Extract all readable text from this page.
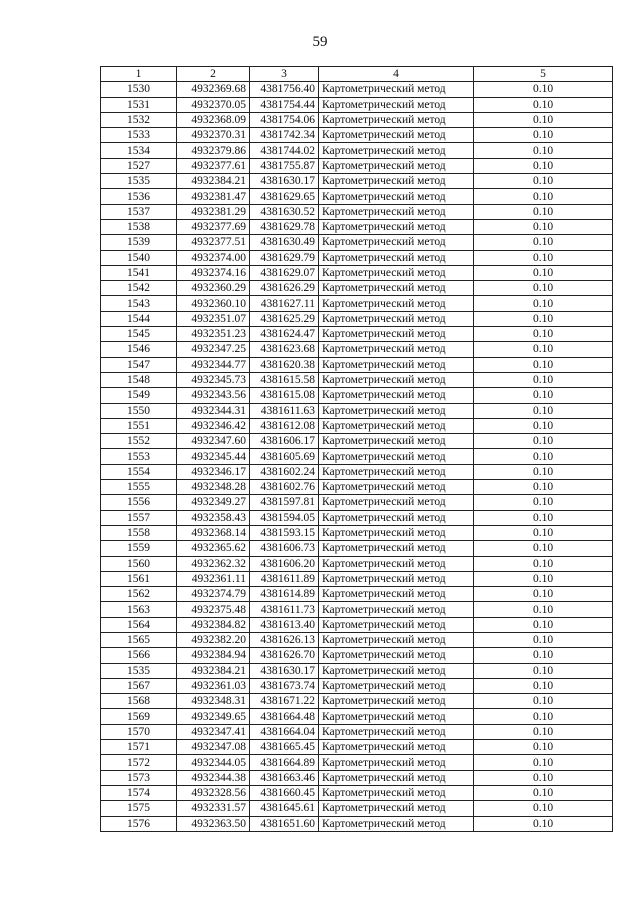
59
1	2	3	4	5
1530	4932369.68	4381756.40	Картометрический метод	0.10
1531	4932370.05	4381754.44	Картометрический метод	0.10
1532	4932368.09	4381754.06	Картометрический метод	0.10
1533	4932370.31	4381742.34	Картометрический метод	0.10
1534	4932379.86	4381744.02	Картометрический метод	0.10
1527	4932377.61	4381755.87	Картометрический метод	0.10
1535	4932384.21	4381630.17	Картометрический метод	0.10
1536	4932381.47	4381629.65	Картометрический метод	0.10
1537	4932381.29	4381630.52	Картометрический метод	0.10
1538	4932377.69	4381629.78	Картометрический метод	0.10
1539	4932377.51	4381630.49	Картометрический метод	0.10
1540	4932374.00	4381629.79	Картометрический метод	0.10
1541	4932374.16	4381629.07	Картометрический метод	0.10
1542	4932360.29	4381626.29	Картометрический метод	0.10
1543	4932360.10	4381627.11	Картометрический метод	0.10
1544	4932351.07	4381625.29	Картометрический метод	0.10
1545	4932351.23	4381624.47	Картометрический метод	0.10
1546	4932347.25	4381623.68	Картометрический метод	0.10
1547	4932344.77	4381620.38	Картометрический метод	0.10
1548	4932345.73	4381615.58	Картометрический метод	0.10
1549	4932343.56	4381615.08	Картометрический метод	0.10
1550	4932344.31	4381611.63	Картометрический метод	0.10
1551	4932346.42	4381612.08	Картометрический метод	0.10
1552	4932347.60	4381606.17	Картометрический метод	0.10
1553	4932345.44	4381605.69	Картометрический метод	0.10
1554	4932346.17	4381602.24	Картометрический метод	0.10
1555	4932348.28	4381602.76	Картометрический метод	0.10
1556	4932349.27	4381597.81	Картометрический метод	0.10
1557	4932358.43	4381594.05	Картометрический метод	0.10
1558	4932368.14	4381593.15	Картометрический метод	0.10
1559	4932365.62	4381606.73	Картометрический метод	0.10
1560	4932362.32	4381606.20	Картометрический метод	0.10
1561	4932361.11	4381611.89	Картометрический метод	0.10
1562	4932374.79	4381614.89	Картометрический метод	0.10
1563	4932375.48	4381611.73	Картометрический метод	0.10
1564	4932384.82	4381613.40	Картометрический метод	0.10
1565	4932382.20	4381626.13	Картометрический метод	0.10
1566	4932384.94	4381626.70	Картометрический метод	0.10
1535	4932384.21	4381630.17	Картометрический метод	0.10
1567	4932361.03	4381673.74	Картометрический метод	0.10
1568	4932348.31	4381671.22	Картометрический метод	0.10
1569	4932349.65	4381664.48	Картометрический метод	0.10
1570	4932347.41	4381664.04	Картометрический метод	0.10
1571	4932347.08	4381665.45	Картометрический метод	0.10
1572	4932344.05	4381664.89	Картометрический метод	0.10
1573	4932344.38	4381663.46	Картометрический метод	0.10
1574	4932328.56	4381660.45	Картометрический метод	0.10
1575	4932331.57	4381645.61	Картометрический метод	0.10
1576	4932363.50	4381651.60	Картометрический метод	0.10
